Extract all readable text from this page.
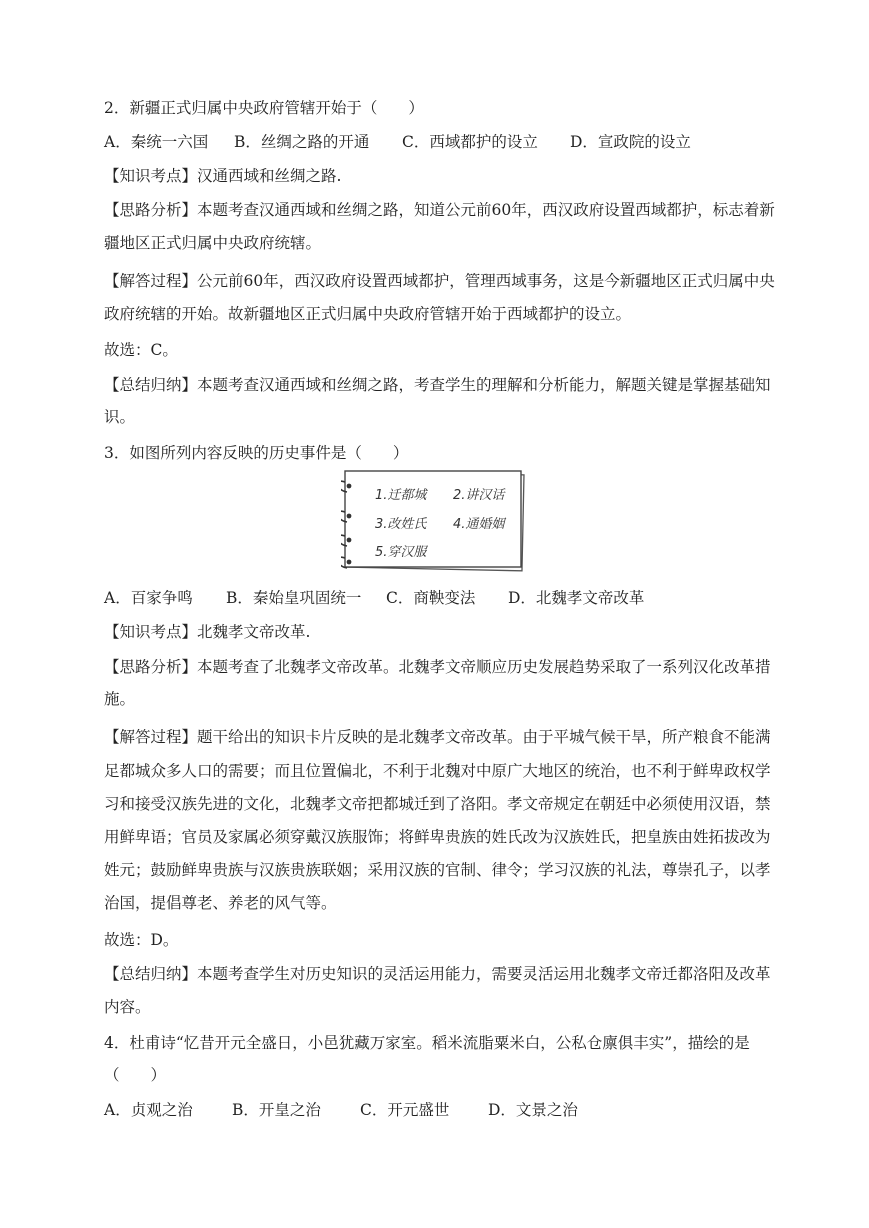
2．新疆正式归属中央政府管辖开始于（　　）
A．秦统一六国 B．丝绸之路的开通 C．西域都护的设立 D．宣政院的设立
【知识考点】汉通西域和丝绸之路.
【思路分析】本题考查汉通西域和丝绸之路，知道公元前60年，西汉政府设置西域都护，标志着新
疆地区正式归属中央政府统辖。
【解答过程】公元前60年，西汉政府设置西域都护，管理西域事务，这是今新疆地区正式归属中央
政府统辖的开始。故新疆地区正式归属中央政府管辖开始于西域都护的设立。
故选：C。
【总结归纳】本题考查汉通西域和丝绸之路，考查学生的理解和分析能力，解题关键是掌握基础知
识。
3．如图所列内容反映的历史事件是（　　）
1.迁都城 2.讲汉话
3.改姓氏 4.通婚姻
5.穿汉服
A．百家争鸣 B．秦始皇巩固统一 C．商鞅变法 D．北魏孝文帝改革
【知识考点】北魏孝文帝改革.
【思路分析】本题考查了北魏孝文帝改革。北魏孝文帝顺应历史发展趋势采取了一系列汉化改革措
施。
【解答过程】题干给出的知识卡片反映的是北魏孝文帝改革。由于平城气候干旱，所产粮食不能满
足都城众多人口的需要；而且位置偏北，不利于北魏对中原广大地区的统治，也不利于鲜卑政权学
习和接受汉族先进的文化，北魏孝文帝把都城迁到了洛阳。孝文帝规定在朝廷中必须使用汉语，禁
用鲜卑语；官员及家属必须穿戴汉族服饰；将鲜卑贵族的姓氏改为汉族姓氏，把皇族由姓拓拔改为
姓元；鼓励鲜卑贵族与汉族贵族联姻；采用汉族的官制、律令；学习汉族的礼法，尊崇孔子，以孝
治国，提倡尊老、养老的风气等。
故选：D。
【总结归纳】本题考查学生对历史知识的灵活运用能力，需要灵活运用北魏孝文帝迁都洛阳及改革
内容。
4．杜甫诗“忆昔开元全盛日，小邑犹藏万家室。稻米流脂粟米白，公私仓廪俱丰实”，描绘的是
（　　）
A．贞观之治	B．开皇之治	C．开元盛世 D．文景之治
